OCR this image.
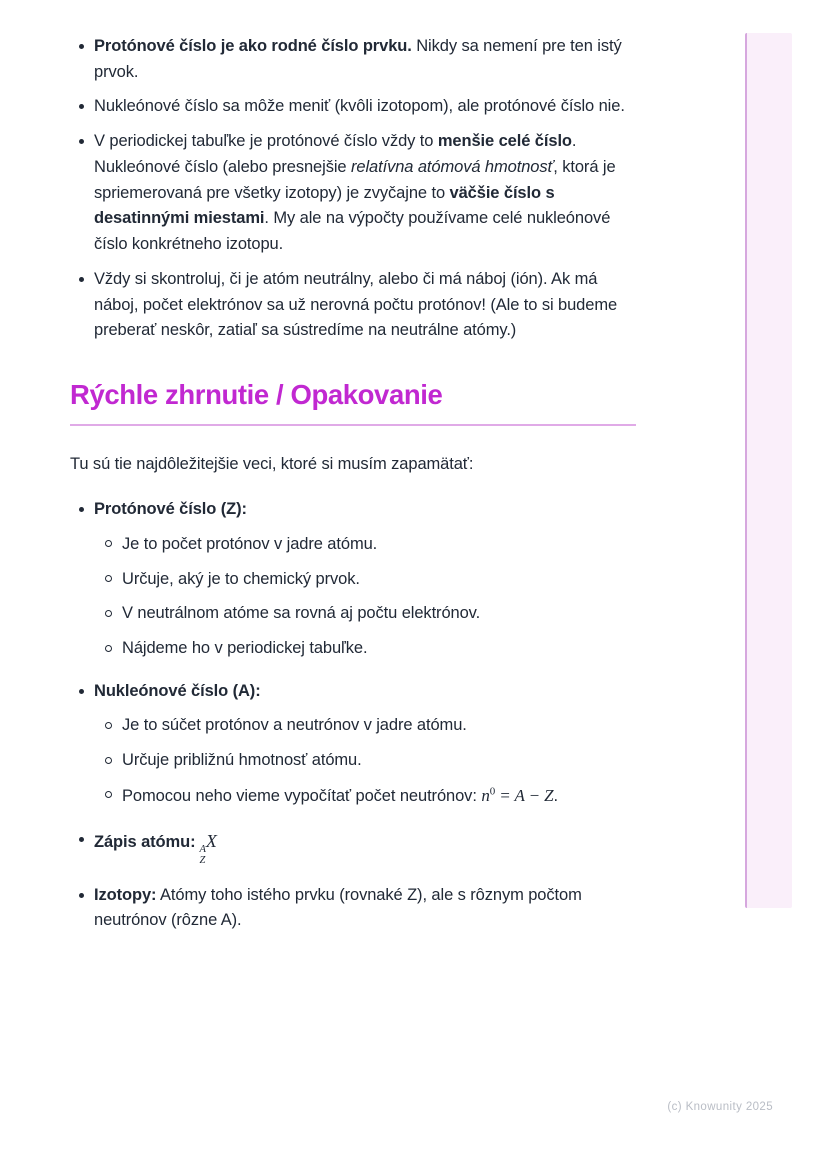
Protónové číslo je ako rodné číslo prvku. Nikdy sa nemení pre ten istý prvok.
Nukleónové číslo sa môže meniť (kvôli izotopom), ale protónové číslo nie.
V periodickej tabuľke je protónové číslo vždy to menšie celé číslo. Nukleónové číslo (alebo presnejšie relatívna atómová hmotnosť, ktorá je spriemerovaná pre všetky izotopy) je zvyčajne to väčšie číslo s desatinnými miestami. My ale na výpočty používame celé nukleónové číslo konkrétneho izotopu.
Vždy si skontroluj, či je atóm neutrálny, alebo či má náboj (ión). Ak má náboj, počet elektrónov sa už nerovná počtu protónov! (Ale to si budeme preberať neskôr, zatiaľ sa sústredíme na neutrálne atómy.)
Rýchle zhrnutie / Opakovanie

Tu sú tie najdôležitejšie veci, ktoré si musím zapamätať:

Protónové číslo (Z):
Je to počet protónov v jadre atómu.
Určuje, aký je to chemický prvok.
V neutrálnom atóme sa rovná aj počtu elektrónov.
Nájdeme ho v periodickej tabuľke.
Nukleónové číslo (A):
Je to súčet protónov a neutrónov v jadre atómu.
Určuje približnú hmotnosť atómu.
Pomocou neho vieme vypočítať počet neutrónov: $n^0 = A - Z$.
Zápis atómu: A
Z
X
Izotopy: Atómy toho istého prvku (rovnaké Z), ale s rôznym počtom neutrónov (rôzne A).
(c) Knowunity 2025
